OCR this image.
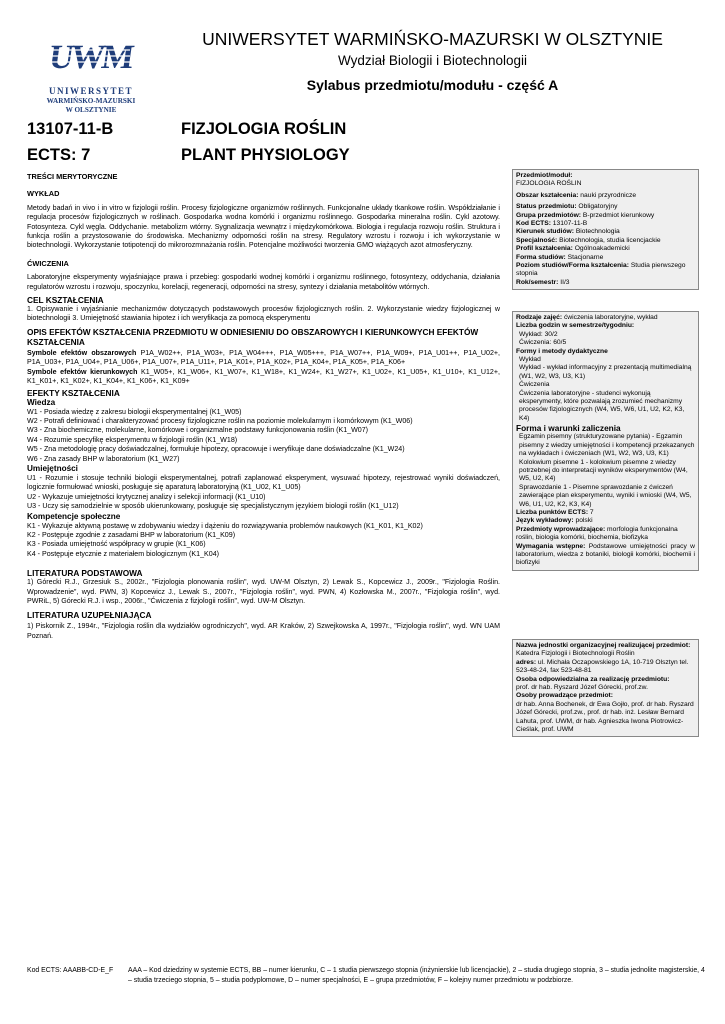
UWM
UNIWERSYTET
WARMIŃSKO-MAZURSKI
W OLSZTYNIE
UNIWERSYTET WARMIŃSKO-MAZURSKI W OLSZTYNIE
Wydział Biologii i Biotechnologii
Sylabus przedmiotu/modułu - część A
13107-11-B
ECTS: 7
FIZJOLOGIA ROŚLIN
PLANT PHYSIOLOGY
TREŚCI MERYTORYCZNE
WYKŁAD

Metody badań in vivo i in vitro w fizjologii roślin. Procesy fizjologiczne organizmów roślinnych. Funkcjonalne układy tkankowe roślin. Współdziałanie i regulacja procesów fizjologicznych w roślinach. Gospodarka wodna komórki i organizmu roślinnego. Gospodarka mineralna roślin. Cykl azotowy. Fotosynteza. Cykl węgla. Oddychanie. metabolizm wtórny. Sygnalizacja wewnątrz i międzykomórkowa. Biologia i regulacja rozwoju roślin. Struktura i funkcja roślin a przystosowanie do środowiska. Mechanizmy odporności roślin na stresy. Regulatory wzrostu i rozwoju i ich wykorzystanie w biotechnologii. Wykorzystanie totipotencji do mikrorozmnażania roślin. Potencjalne możliwości tworzenia GMO wiążących azot atmosferyczny.

ĆWICZENIA

Laboratoryjne eksperymenty wyjaśniające prawa i przebieg: gospodarki wodnej komórki i organizmu roślinnego, fotosyntezy, oddychania, działania regulatorów wzrostu i rozwoju, spoczynku, korelacji, regeneracji, odporności na stresy, syntezy i działania metabolitów wtórnych.

CEL KSZTAŁCENIA

1. Opisywanie i wyjaśnianie mechanizmów dotyczących podstawowych procesów fizjologicznych roślin. 2. Wykorzystanie wiedzy fizjologicznej w biotechnologii 3. Umiejętność stawiania hipotez i ich weryfikacja za pomocą eksperymentu

OPIS EFEKTÓW KSZTAŁCENIA PRZEDMIOTU W ODNIESIENIU DO OBSZAROWYCH I KIERUNKOWYCH EFEKTÓW KSZTAŁCENIA

Symbole efektów obszarowych P1A_W02++, P1A_W03+, P1A_W04+++, P1A_W05+++, P1A_W07++, P1A_W09+, P1A_U01++, P1A_U02+, P1A_U03+, P1A_U04+, P1A_U06+, P1A_U07+, P1A_U11+, P1A_K01+, P1A_K02+, P1A_K04+, P1A_K05+, P1A_K06+

Symbole efektów kierunkowych K1_W05+, K1_W06+, K1_W07+, K1_W18+, K1_W24+, K1_W27+, K1_U02+, K1_U05+, K1_U10+, K1_U12+, K1_K01+, K1_K02+, K1_K04+, K1_K06+, K1_K09+

EFEKTY KSZTAŁCENIA
Wiedza
W1 - Posiada wiedzę z zakresu biologii eksperymentalnej (K1_W05)
W2 - Potrafi definiować i charakteryzować procesy fizjologiczne roślin na poziomie molekularnym i komórkowym (K1_W06)
W3 - Zna biochemiczne, molekularne, komórkowe i organizmalne podstawy funkcjonowania roślin (K1_W07)
W4 - Rozumie specyfikę eksperymentu w fizjologii roślin (K1_W18)
W5 - Zna metodologię pracy doświadczalnej, formułuje hipotezy, opracowuje i weryfikuje dane doświadczalne (K1_W24)
W6 - Zna zasady BHP w laboratorium (K1_W27)
Umiejętności

U1 - Rozumie i stosuje techniki biologii eksperymentalnej, potrafi zaplanować eksperyment, wysuwać hipotezy, rejestrować wyniki doświadczeń, logicznie formułować wnioski, posługuje się aparaturą laboratoryjną (K1_U02, K1_U05)

U2 - Wykazuje umiejętności krytycznej analizy i selekcji informacji (K1_U10)
U3 - Uczy się samodzielnie w sposób ukierunkowany, posługuje się specjalistycznym językiem biologii roślin (K1_U12)
Kompetencje społeczne
K1 - Wykazuje aktywną postawę w zdobywaniu wiedzy i dążeniu do rozwiązywania problemów naukowych (K1_K01, K1_K02)
K2 - Postępuje zgodnie z zasadami BHP w laboratorium (K1_K09)
K3 - Posiada umiejętność współpracy w grupie (K1_K06)
K4 - Postępuje etycznie z materiałem biologicznym (K1_K04)
LITERATURA PODSTAWOWA

1) Górecki R.J., Grzesiuk S., 2002r., "Fizjologia plonowania roślin", wyd. UW-M Olsztyn, 2) Lewak S., Kopcewicz J., 2009r., "Fizjologia Roślin. Wprowadzenie", wyd. PWN, 3) Kopcewicz J., Lewak S., 2007r., "Fizjologia roślin", wyd. PWN, 4) Kozłowska M., 2007r., "Fizjologia roślin", wyd. PWRiL, 5) Górecki R.J. i wsp., 2006r., "Ćwiczenia z fizjologii roślin", wyd. UW-M Olsztyn.

LITERATURA UZUPEŁNIAJĄCA

1) Piskornik Z., 1994r., "Fizjologia roślin dla wydziałów ogrodniczych", wyd. AR Kraków, 2) Szwejkowska A, 1997r., "Fizjologia roślin", wyd. WN UAM Poznań.

Przedmiot/moduł:
FIZJOLOGIA ROŚLIN
Obszar kształcenia: nauki przyrodnicze
Status przedmiotu: Obligatoryjny
Grupa przedmiotów: B-przedmiot kierunkowy
Kod ECTS: 13107-11-B
Kierunek studiów: Biotechnologia
Specjalność: Biotechnologia, studia licencjackie
Profil kształcenia: Ogólnoakademicki
Forma studiów: Stacjonarne
Poziom studiów/Forma kształcenia: Studia pierwszego stopnia
Rok/semestr: II/3
Rodzaje zajęć: ćwiczenia laboratoryjne, wykład
Liczba godzin w semestrze/tygodniu:
Wykład: 30/2
Ćwiczenia: 60/5
Formy i metody dydaktyczne
Wykład
Wykład - wykład informacyjny z prezentacją multimedialną (W1, W2, W3, U3, K1)
Ćwiczenia
Ćwiczenia laboratoryjne - studenci wykonują eksperymenty, które pozwalają zrozumieć mechanizmy procesów fizjologicznych (W4, W5, W6, U1, U2, K2, K3, K4)
Forma i warunki zaliczenia
Egzamin pisemny (strukturyzowane pytania) - Egzamin pisemny z wiedzy umiejętności i kompetencji przekazanych na wykładach i ćwiczeniach (W1, W2, W3, U3, K1)
Kolokwium pisemne 1 - kolokwium pisemne z wiedzy potrzebnej do interpretacji wyników eksperymentów (W4, W5, U2, K4)
Sprawozdanie 1 - Pisemne sprawozdanie z ćwiczeń zawierające plan eksperymentu, wyniki i wnioski (W4, W5, W6, U1, U2, K2, K3, K4)
Liczba punktów ECTS: 7
Język wykładowy: polski
Przedmioty wprowadzające: morfologia funkcjonalna roślin, biologia komórki, biochemia, biofizyka
Wymagania wstępne: Podstawowe umiejętności pracy w laboratorium, wiedza z botaniki, biologii komórki, biochemii i biofizyki
Nazwa jednostki organizacyjnej realizującej przedmiot:
Katedra Fizjologii i Biotechnologii Roślin
adres: ul. Michała Oczapowskiego 1A, 10-719 Olsztyn tel. 523-48-24, fax 523-48-81
Osoba odpowiedzialna za realizację przedmiotu:
prof. dr hab. Ryszard Józef Górecki, prof.zw.
Osoby prowadzące przedmiot:
dr hab. Anna Bochenek, dr Ewa Gojło, prof. dr hab. Ryszard Józef Górecki, prof.zw., prof. dr hab. inż. Lesław Bernard Lahuta, prof. UWM, dr hab. Agnieszka Iwona Piotrowicz-Cieślak, prof. UWM
Kod ECTS: AAABB-CD-E_F AAA – Kod dziedziny w systemie ECTS, BB – numer kierunku, C – 1 studia pierwszego stopnia (inżynierskie lub licencjackie), 2 – studia drugiego stopnia, 3 – studia jednolite magisterskie, 4 – studia trzeciego stopnia, 5 – studia podyplomowe, D – numer specjalności, E – grupa przedmiotów, F – kolejny numer przedmiotu w podzbiorze.
